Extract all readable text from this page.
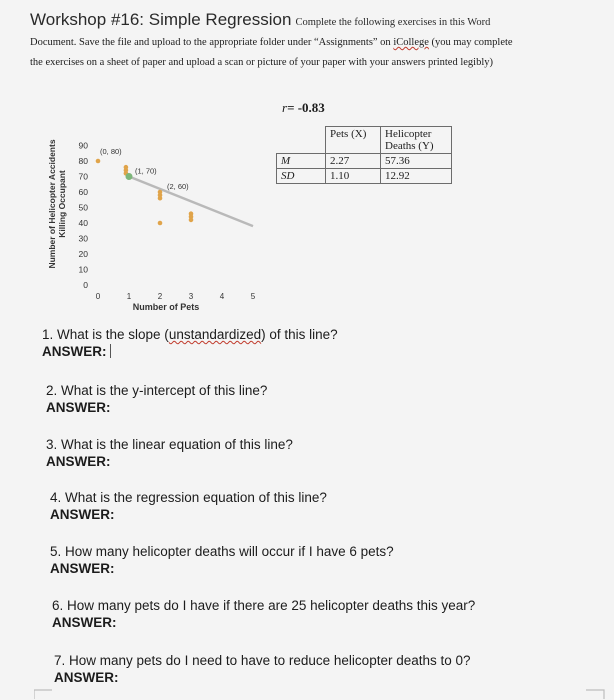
Workshop #16: Simple Regression Complete the following exercises in this Word
Document. Save the file and upload to the appropriate folder under “Assignments” on iCollege (you may complete
the exercises on a sheet of paper and upload a scan or picture of your paper with your answers printed legibly)
Number of Helicopter Accidents Killing Occupant
0
10
20
30
40
50
60
70
80
90
0	1	2	3	4	5
(0, 80)
(1, 70)
(2, 60)
Number of Pets
r= -0.83
	Pets (X)	Helicopter Deaths (Y)
M	2.27	57.36
SD	1.10	12.92
1. What is the slope (unstandardized) of this line?
ANSWER:
2. What is the y-intercept of this line?
ANSWER:
3. What is the linear equation of this line?
ANSWER:
4. What is the regression equation of this line?
ANSWER:
5. How many helicopter deaths will occur if I have 6 pets?
ANSWER:
6. How many pets do I have if there are 25 helicopter deaths this year?
ANSWER:
7. How many pets do I need to have to reduce helicopter deaths to 0?
ANSWER:
